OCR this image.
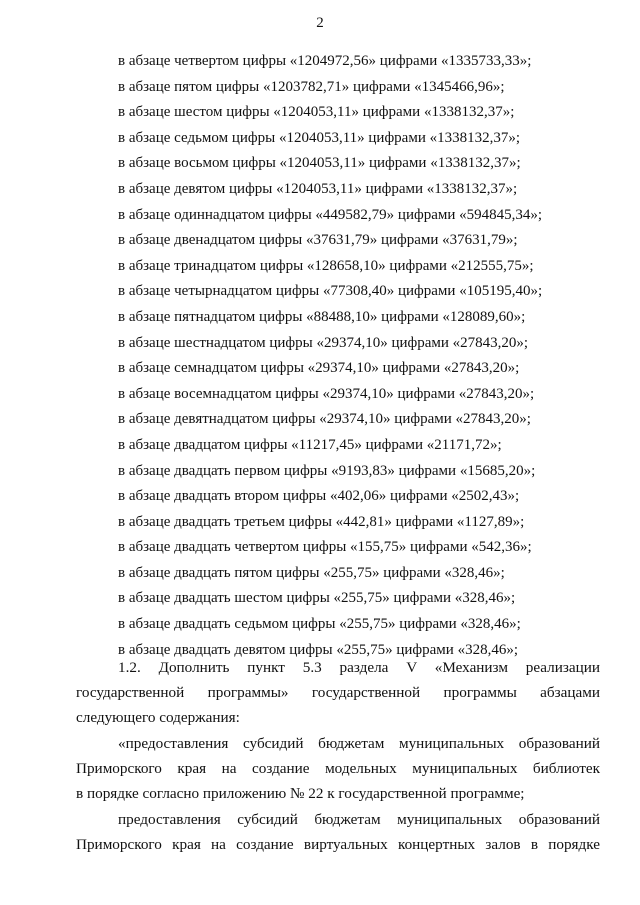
2
в абзаце четвертом цифры «1204972,56» цифрами «1335733,33»;
в абзаце пятом цифры «1203782,71» цифрами «1345466,96»;
в абзаце шестом цифры «1204053,11» цифрами «1338132,37»;
в абзаце седьмом цифры «1204053,11» цифрами «1338132,37»;
в абзаце восьмом цифры «1204053,11» цифрами «1338132,37»;
в абзаце девятом цифры «1204053,11» цифрами «1338132,37»;
в абзаце одиннадцатом цифры «449582,79» цифрами «594845,34»;
в абзаце двенадцатом цифры «37631,79» цифрами «37631,79»;
в абзаце тринадцатом цифры «128658,10» цифрами «212555,75»;
в абзаце четырнадцатом цифры «77308,40» цифрами «105195,40»;
в абзаце пятнадцатом цифры «88488,10» цифрами «128089,60»;
в абзаце шестнадцатом цифры «29374,10» цифрами «27843,20»;
в абзаце семнадцатом цифры «29374,10» цифрами «27843,20»;
в абзаце восемнадцатом цифры «29374,10» цифрами «27843,20»;
в абзаце девятнадцатом цифры «29374,10» цифрами «27843,20»;
в абзаце двадцатом цифры «11217,45» цифрами «21171,72»;
в абзаце двадцать первом цифры «9193,83» цифрами «15685,20»;
в абзаце двадцать втором цифры «402,06» цифрами «2502,43»;
в абзаце двадцать третьем цифры «442,81» цифрами «1127,89»;
в абзаце двадцать четвертом цифры «155,75» цифрами «542,36»;
в абзаце двадцать пятом цифры «255,75» цифрами «328,46»;
в абзаце двадцать шестом цифры «255,75» цифрами «328,46»;
в абзаце двадцать седьмом цифры «255,75» цифрами «328,46»;
в абзаце двадцать девятом цифры «255,75» цифрами «328,46»;
1.2. Дополнить пункт 5.3 раздела V «Механизм реализации
государственной программы» государственной программы абзацами
следующего содержания:
«предоставления субсидий бюджетам муниципальных образований
Приморского края на создание модельных муниципальных библиотек
в порядке согласно приложению № 22 к государственной программе;
предоставления субсидий бюджетам муниципальных образований
Приморского края на создание виртуальных концертных залов в порядке
